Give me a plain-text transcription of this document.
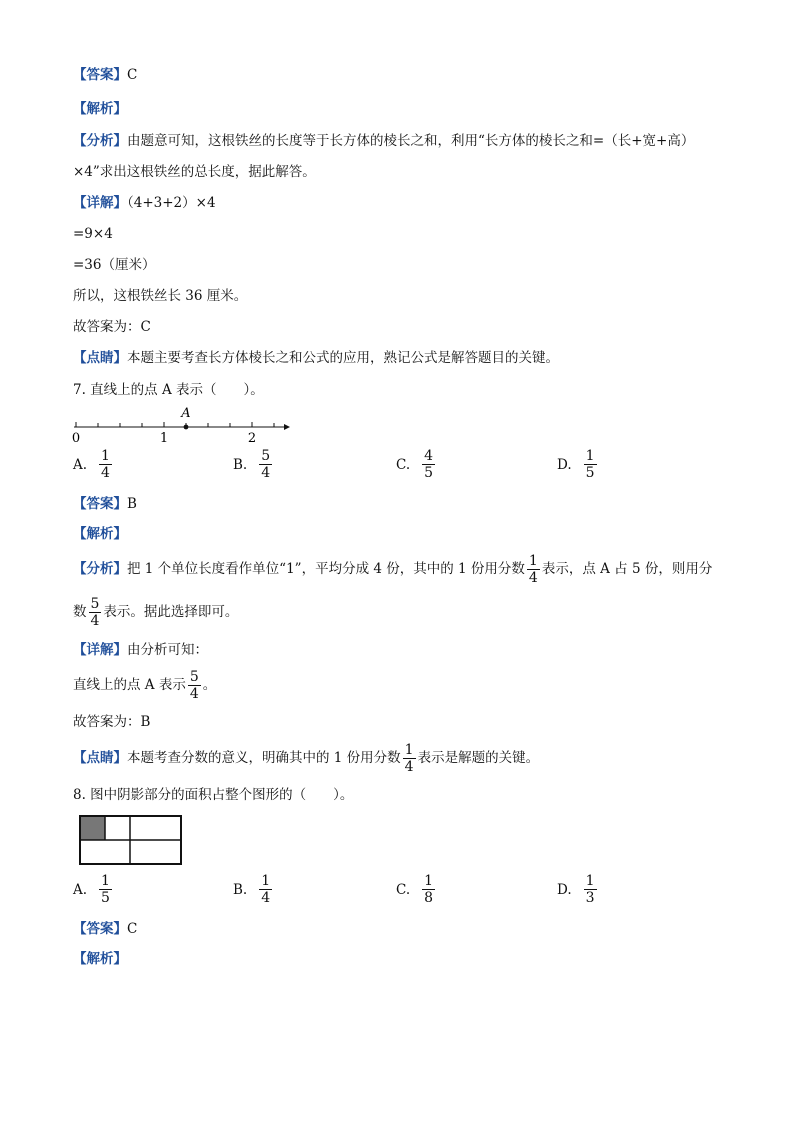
【答案】C
【解析】
【分析】由题意可知，这根铁丝的长度等于长方体的棱长之和，利用“长方体的棱长之和=（长+宽+高）
×4”求出这根铁丝的总长度，据此解答。
【详解】（4+3+2）×4
=9×4
=36（厘米）
所以，这根铁丝长 36 厘米。
故答案为：C
【点睛】本题主要考查长方体棱长之和公式的应用，熟记公式是解答题目的关键。
7. 直线上的点 A 表示（　　）。
0	1	2
A
A. $\frac{1}{4}$	B. $\frac{5}{4}$	C. $\frac{4}{5}$	D. $\frac{1}{5}$
【答案】B
【解析】
【分析】把 1 个单位长度看作单位“1”，平均分成 4 份，其中的 1 份用分数 $\frac{1}{4}$ 表示，点 A 占 5 份，则用分
数 $\frac{5}{4}$ 表示。据此选择即可。
【详解】由分析可知：
直线上的点 A 表示 $\frac{5}{4}$ 。
故答案为：B
【点睛】本题考查分数的意义，明确其中的 1 份用分数 $\frac{1}{4}$ 表示是解题的关键。
8. 图中阴影部分的面积占整个图形的（　　）。
A. $\frac{1}{5}$	B. $\frac{1}{4}$	C. $\frac{1}{8}$	D. $\frac{1}{3}$
【答案】C
【解析】
